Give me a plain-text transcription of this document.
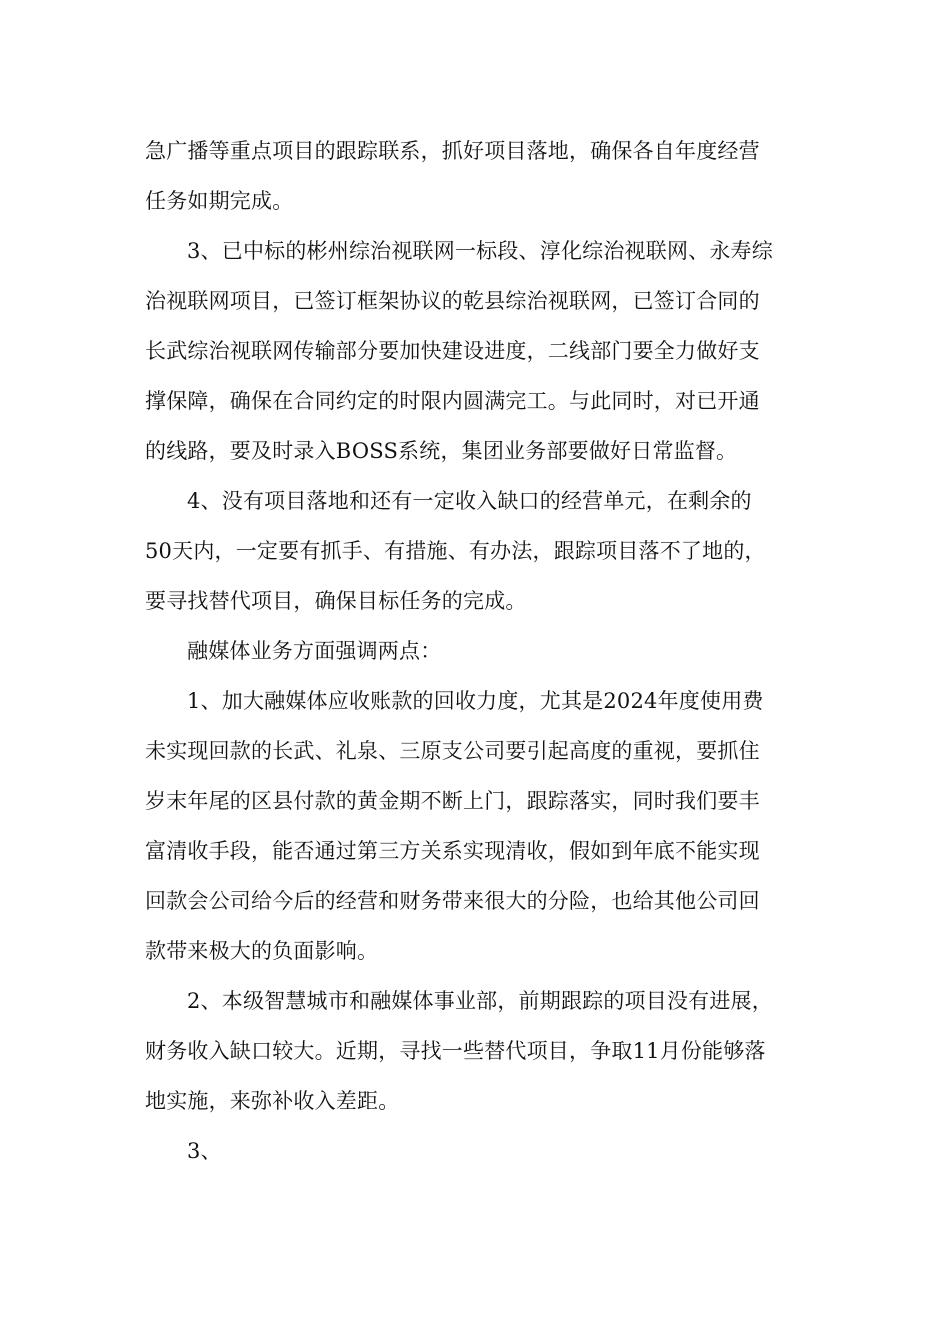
急广播等重点项目的跟踪联系，抓好项目落地，确保各自年度经营
任务如期完成。
3、已中标的彬州综治视联网一标段、淳化综治视联网、永寿综
治视联网项目，已签订框架协议的乾县综治视联网，已签订合同的
长武综治视联网传输部分要加快建设进度，二线部门要全力做好支
撑保障，确保在合同约定的时限内圆满完工。与此同时，对已开通
的线路，要及时录入BOSS系统，集团业务部要做好日常监督。
4、没有项目落地和还有一定收入缺口的经营单元，在剩余的
50天内，一定要有抓手、有措施、有办法，跟踪项目落不了地的，
要寻找替代项目，确保目标任务的完成。
融媒体业务方面强调两点：
1、加大融媒体应收账款的回收力度，尤其是2024年度使用费
未实现回款的长武、礼泉、三原支公司要引起高度的重视，要抓住
岁末年尾的区县付款的黄金期不断上门，跟踪落实，同时我们要丰
富清收手段，能否通过第三方关系实现清收，假如到年底不能实现
回款会公司给今后的经营和财务带来很大的分险，也给其他公司回
款带来极大的负面影响。
2、本级智慧城市和融媒体事业部，前期跟踪的项目没有进展，
财务收入缺口较大。近期，寻找一些替代项目，争取11月份能够落
地实施，来弥补收入差距。
3、
